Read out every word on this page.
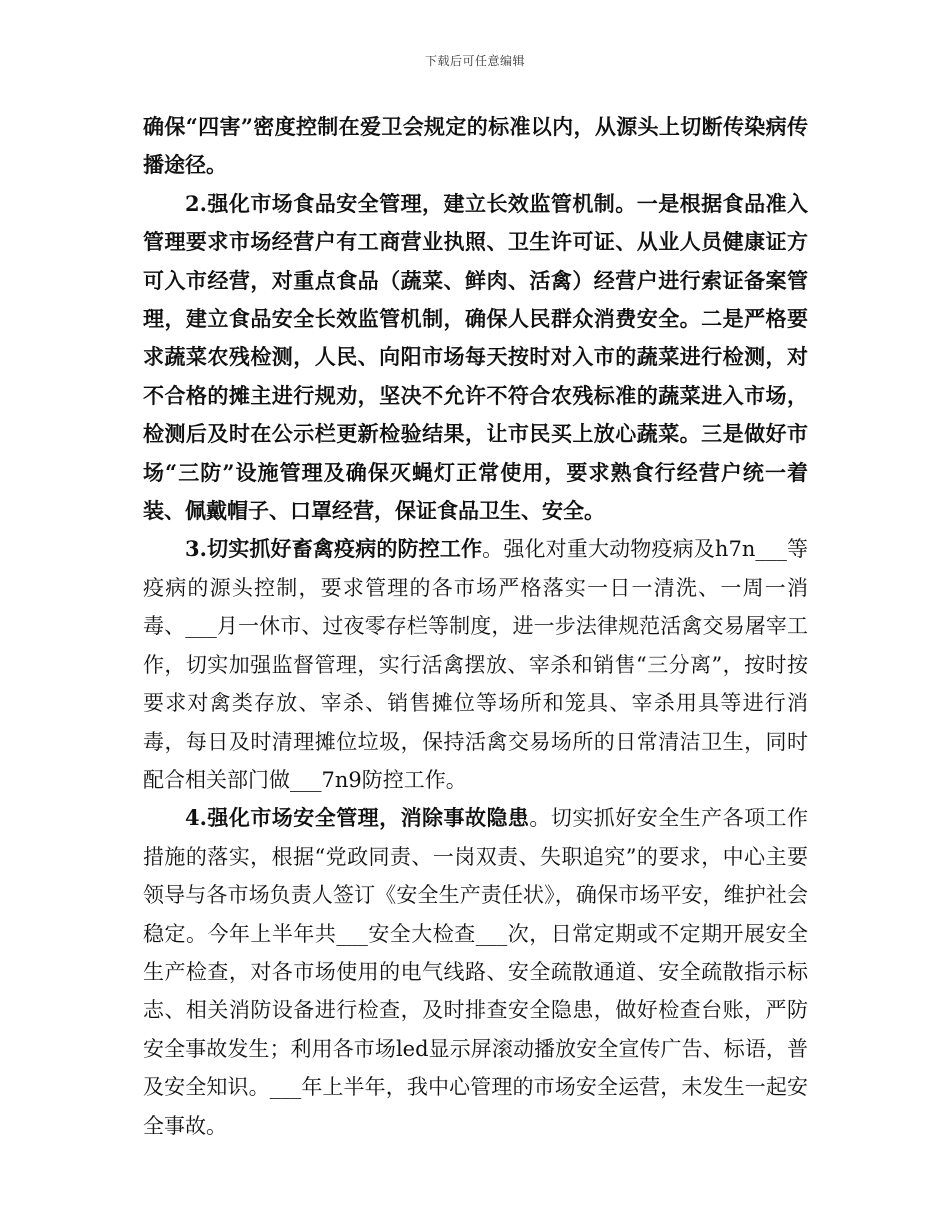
下载后可任意编辑

确保“四害”密度控制在爱卫会规定的标准以内，从源头上切断传染病传播途径。

2.强化市场食品安全管理，建立长效监管机制。一是根据食品准入管理要求市场经营户有工商营业执照、卫生许可证、从业人员健康证方可入市经营，对重点食品（蔬菜、鲜肉、活禽）经营户进行索证备案管理，建立食品安全长效监管机制，确保人民群众消费安全。二是严格要求蔬菜农残检测，人民、向阳市场每天按时对入市的蔬菜进行检测，对不合格的摊主进行规劝，坚决不允许不符合农残标准的蔬菜进入市场，检测后及时在公示栏更新检验结果，让市民买上放心蔬菜。三是做好市场“三防”设施管理及确保灭蝇灯正常使用，要求熟食行经营户统一着装、佩戴帽子、口罩经营，保证食品卫生、安全。

3.切实抓好畜禽疫病的防控工作。强化对重大动物疫病及h7n___等疫病的源头控制，要求管理的各市场严格落实一日一清洗、一周一消毒、___月一休市、过夜零存栏等制度，进一步法律规范活禽交易屠宰工作，切实加强监督管理，实行活禽摆放、宰杀和销售“三分离”，按时按要求对禽类存放、宰杀、销售摊位等场所和笼具、宰杀用具等进行消毒，每日及时清理摊位垃圾，保持活禽交易场所的日常清洁卫生，同时配合相关部门做___7n9防控工作。

4.强化市场安全管理，消除事故隐患。切实抓好安全生产各项工作措施的落实，根据“党政同责、一岗双责、失职追究”的要求，中心主要领导与各市场负责人签订《安全生产责任状》，确保市场平安，维护社会稳定。今年上半年共___安全大检查___次，日常定期或不定期开展安全生产检查，对各市场使用的电气线路、安全疏散通道、安全疏散指示标志、相关消防设备进行检查，及时排查安全隐患，做好检查台账，严防安全事故发生；利用各市场led显示屏滚动播放安全宣传广告、标语，普及安全知识。___年上半年，我中心管理的市场安全运营，未发生一起安全事故。
